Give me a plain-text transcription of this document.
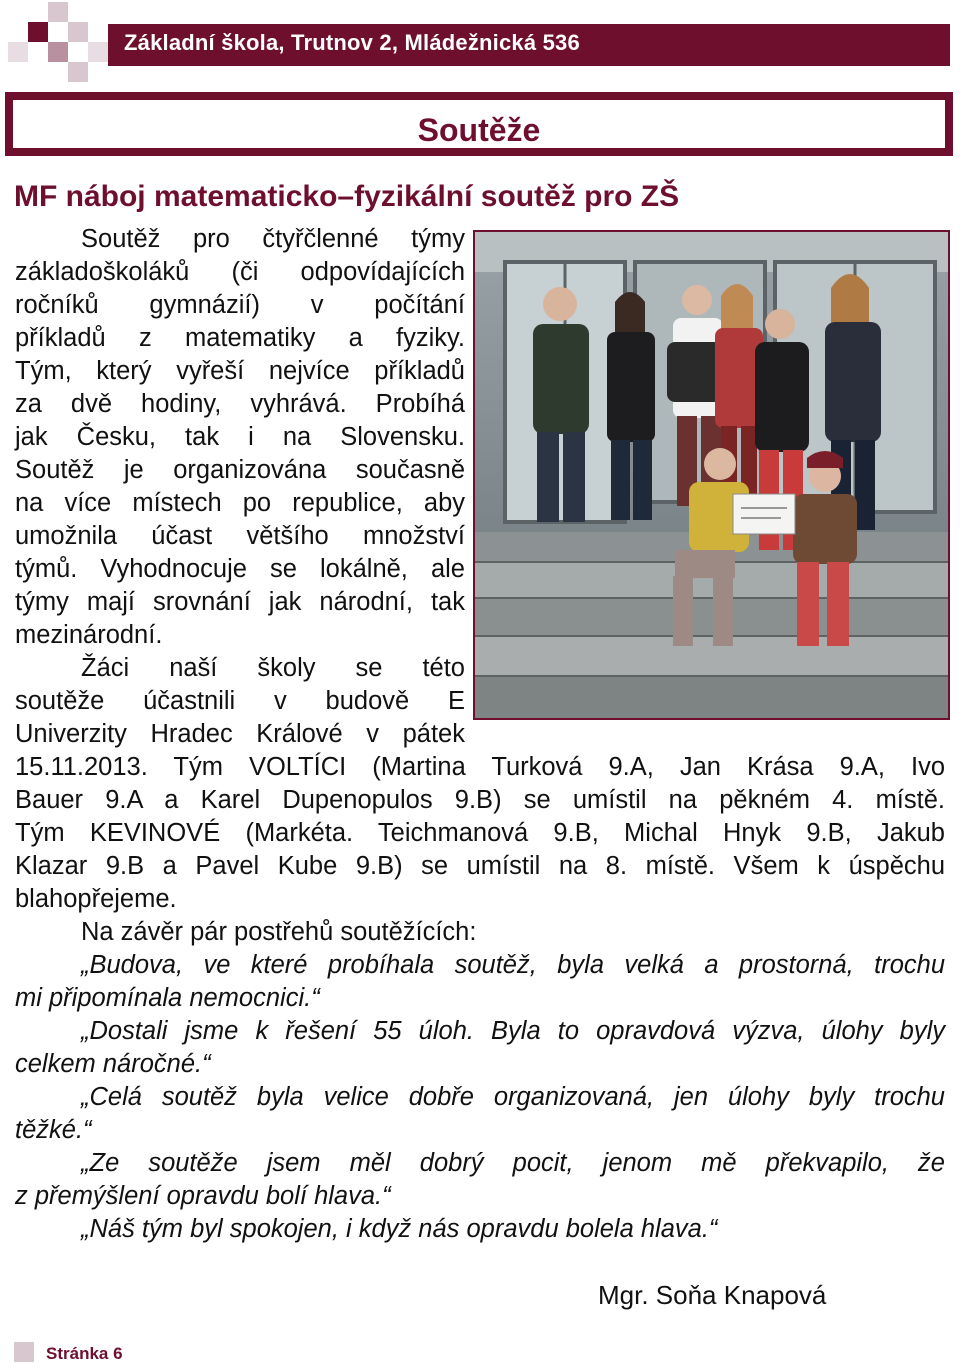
Základní škola, Trutnov 2, Mládežnická 536
Soutěže
MF náboj matematicko–fyzikální soutěž pro ZŠ
Soutěž pro čtyřčlenné týmy
základoškoláků (či odpovídajících
ročníků gymnázií) v počítání
příkladů z matematiky a fyziky.
Tým, který vyřeší nejvíce příkladů
za dvě hodiny, vyhrává. Probíhá
jak Česku, tak i na Slovensku.
Soutěž je organizována současně
na více místech po republice, aby
umožnila účast většího množství
týmů. Vyhodnocuje se lokálně, ale
týmy mají srovnání jak národní, tak
mezinárodní.
Žáci naší školy se této
soutěže účastnili v budově E
Univerzity Hradec Králové v pátek
15.11.2013. Tým VOLTÍCI (Martina Turková 9.A, Jan Krása 9.A, Ivo
Bauer 9.A a Karel Dupenopulos 9.B) se umístil na pěkném 4. místě.
Tým KEVINOVÉ (Markéta. Teichmanová 9.B, Michal Hnyk 9.B, Jakub
Klazar 9.B a Pavel Kube 9.B) se umístil na 8. místě. Všem k úspěchu
blahopřejeme.
Na závěr pár postřehů soutěžících:
„Budova, ve které probíhala soutěž, byla velká a prostorná, trochu
mi připomínala nemocnici.“
„Dostali jsme k řešení 55 úloh. Byla to opravdová výzva, úlohy byly
celkem náročné.“
„Celá soutěž byla velice dobře organizovaná, jen úlohy byly trochu
těžké.“
„Ze soutěže jsem měl dobrý pocit, jenom mě překvapilo, že
z přemýšlení opravdu bolí hlava.“
„Náš tým byl spokojen, i když nás opravdu bolela hlava.“
Mgr. Soňa Knapová
Stránka 6
